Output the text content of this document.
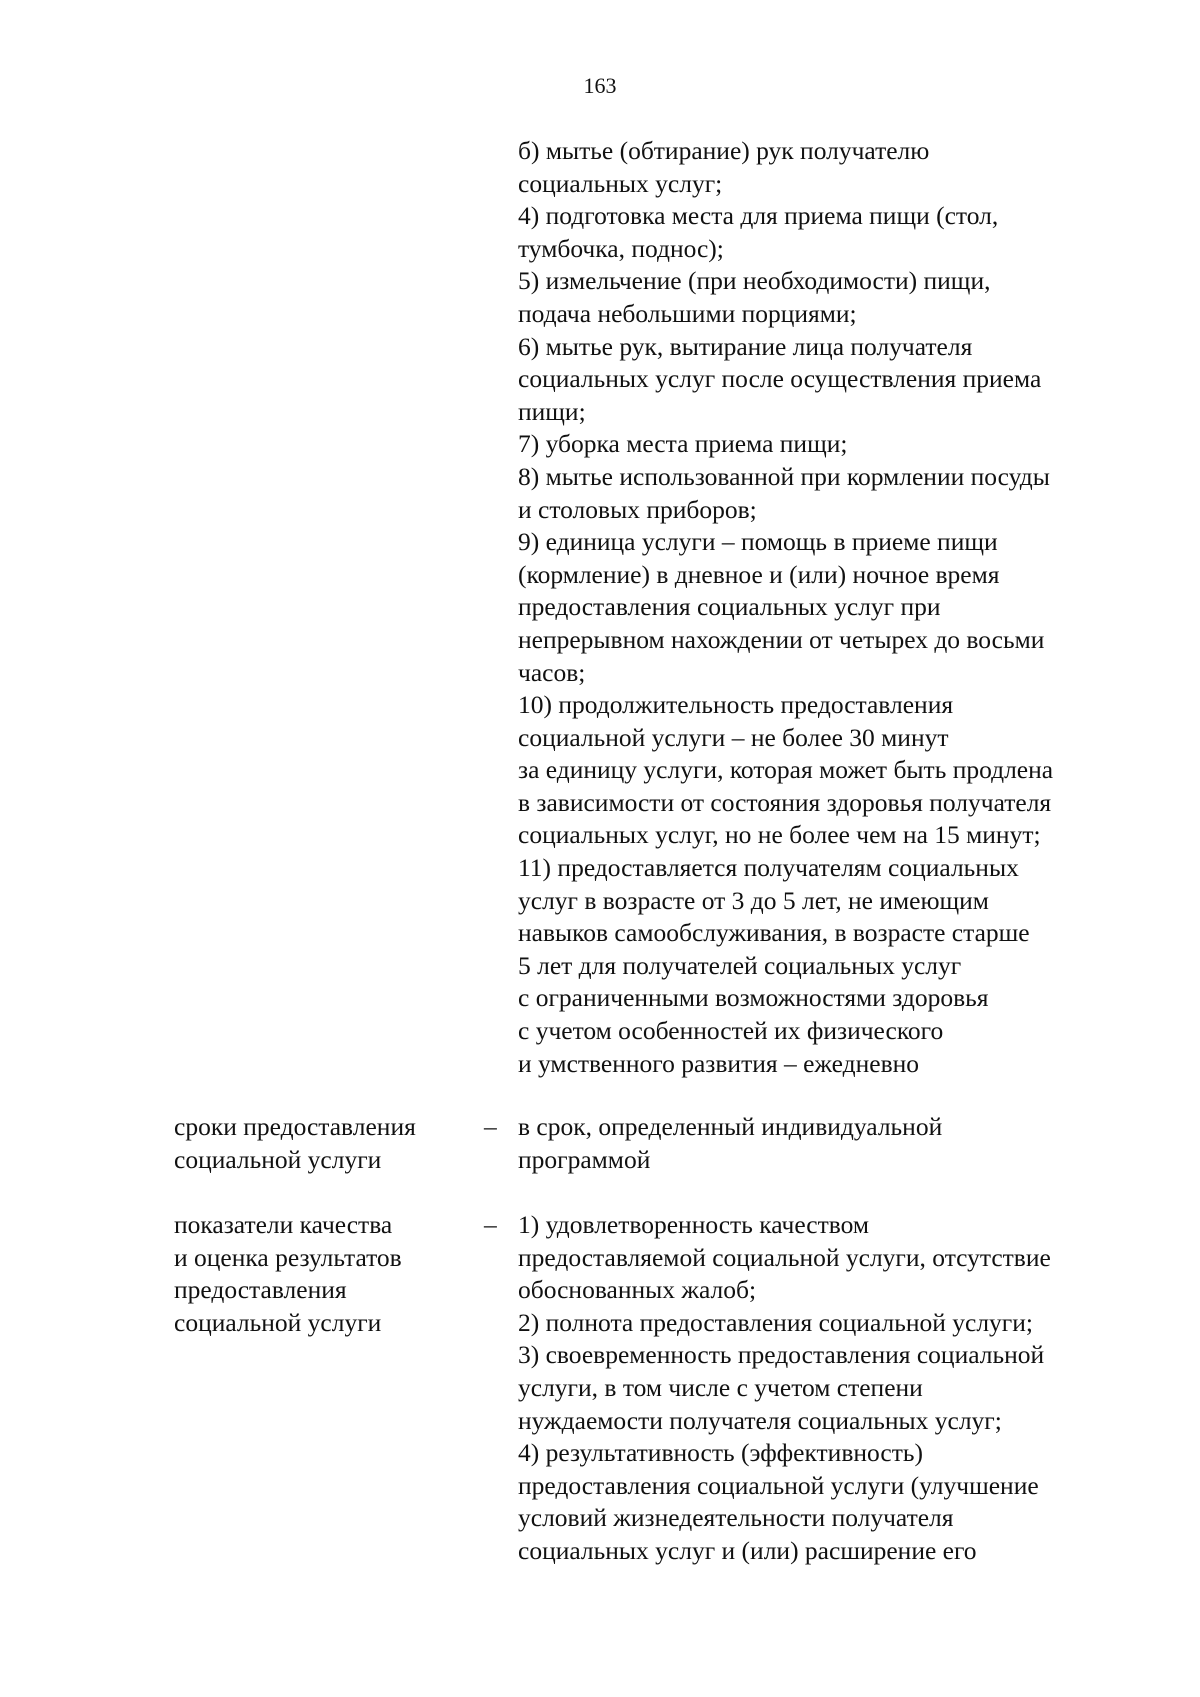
163
б) мытье (обтирание) рук получателю
социальных услуг;
4) подготовка места для приема пищи (стол,
тумбочка, поднос);
5) измельчение (при необходимости) пищи,
подача небольшими порциями;
6) мытье рук, вытирание лица получателя
социальных услуг после осуществления приема
пищи;
7) уборка места приема пищи;
8) мытье использованной при кормлении посуды
и столовых приборов;
9) единица услуги – помощь в приеме пищи
(кормление) в дневное и (или) ночное время
предоставления социальных услуг при
непрерывном нахождении от четырех до восьми
часов;
10) продолжительность предоставления
социальной услуги – не более 30 минут
за единицу услуги, которая может быть продлена
в зависимости от состояния здоровья получателя
социальных услуг, но не более чем на 15 минут;
11) предоставляется получателям социальных
услуг в возрасте от 3 до 5 лет, не имеющим
навыков самообслуживания, в возрасте старше
5 лет для получателей социальных услуг
с ограниченными возможностями здоровья
с учетом особенностей их физического
и умственного развития – ежедневно
сроки предоставления
социальной услуги
– в срок, определенный индивидуальной
программой
показатели качества
и оценка результатов
предоставления
социальной услуги
– 1) удовлетворенность качеством
предоставляемой социальной услуги, отсутствие
обоснованных жалоб;
2) полнота предоставления социальной услуги;
3) своевременность предоставления социальной
услуги, в том числе с учетом степени
нуждаемости получателя социальных услуг;
4) результативность (эффективность)
предоставления социальной услуги (улучшение
условий жизнедеятельности получателя
социальных услуг и (или) расширение его
